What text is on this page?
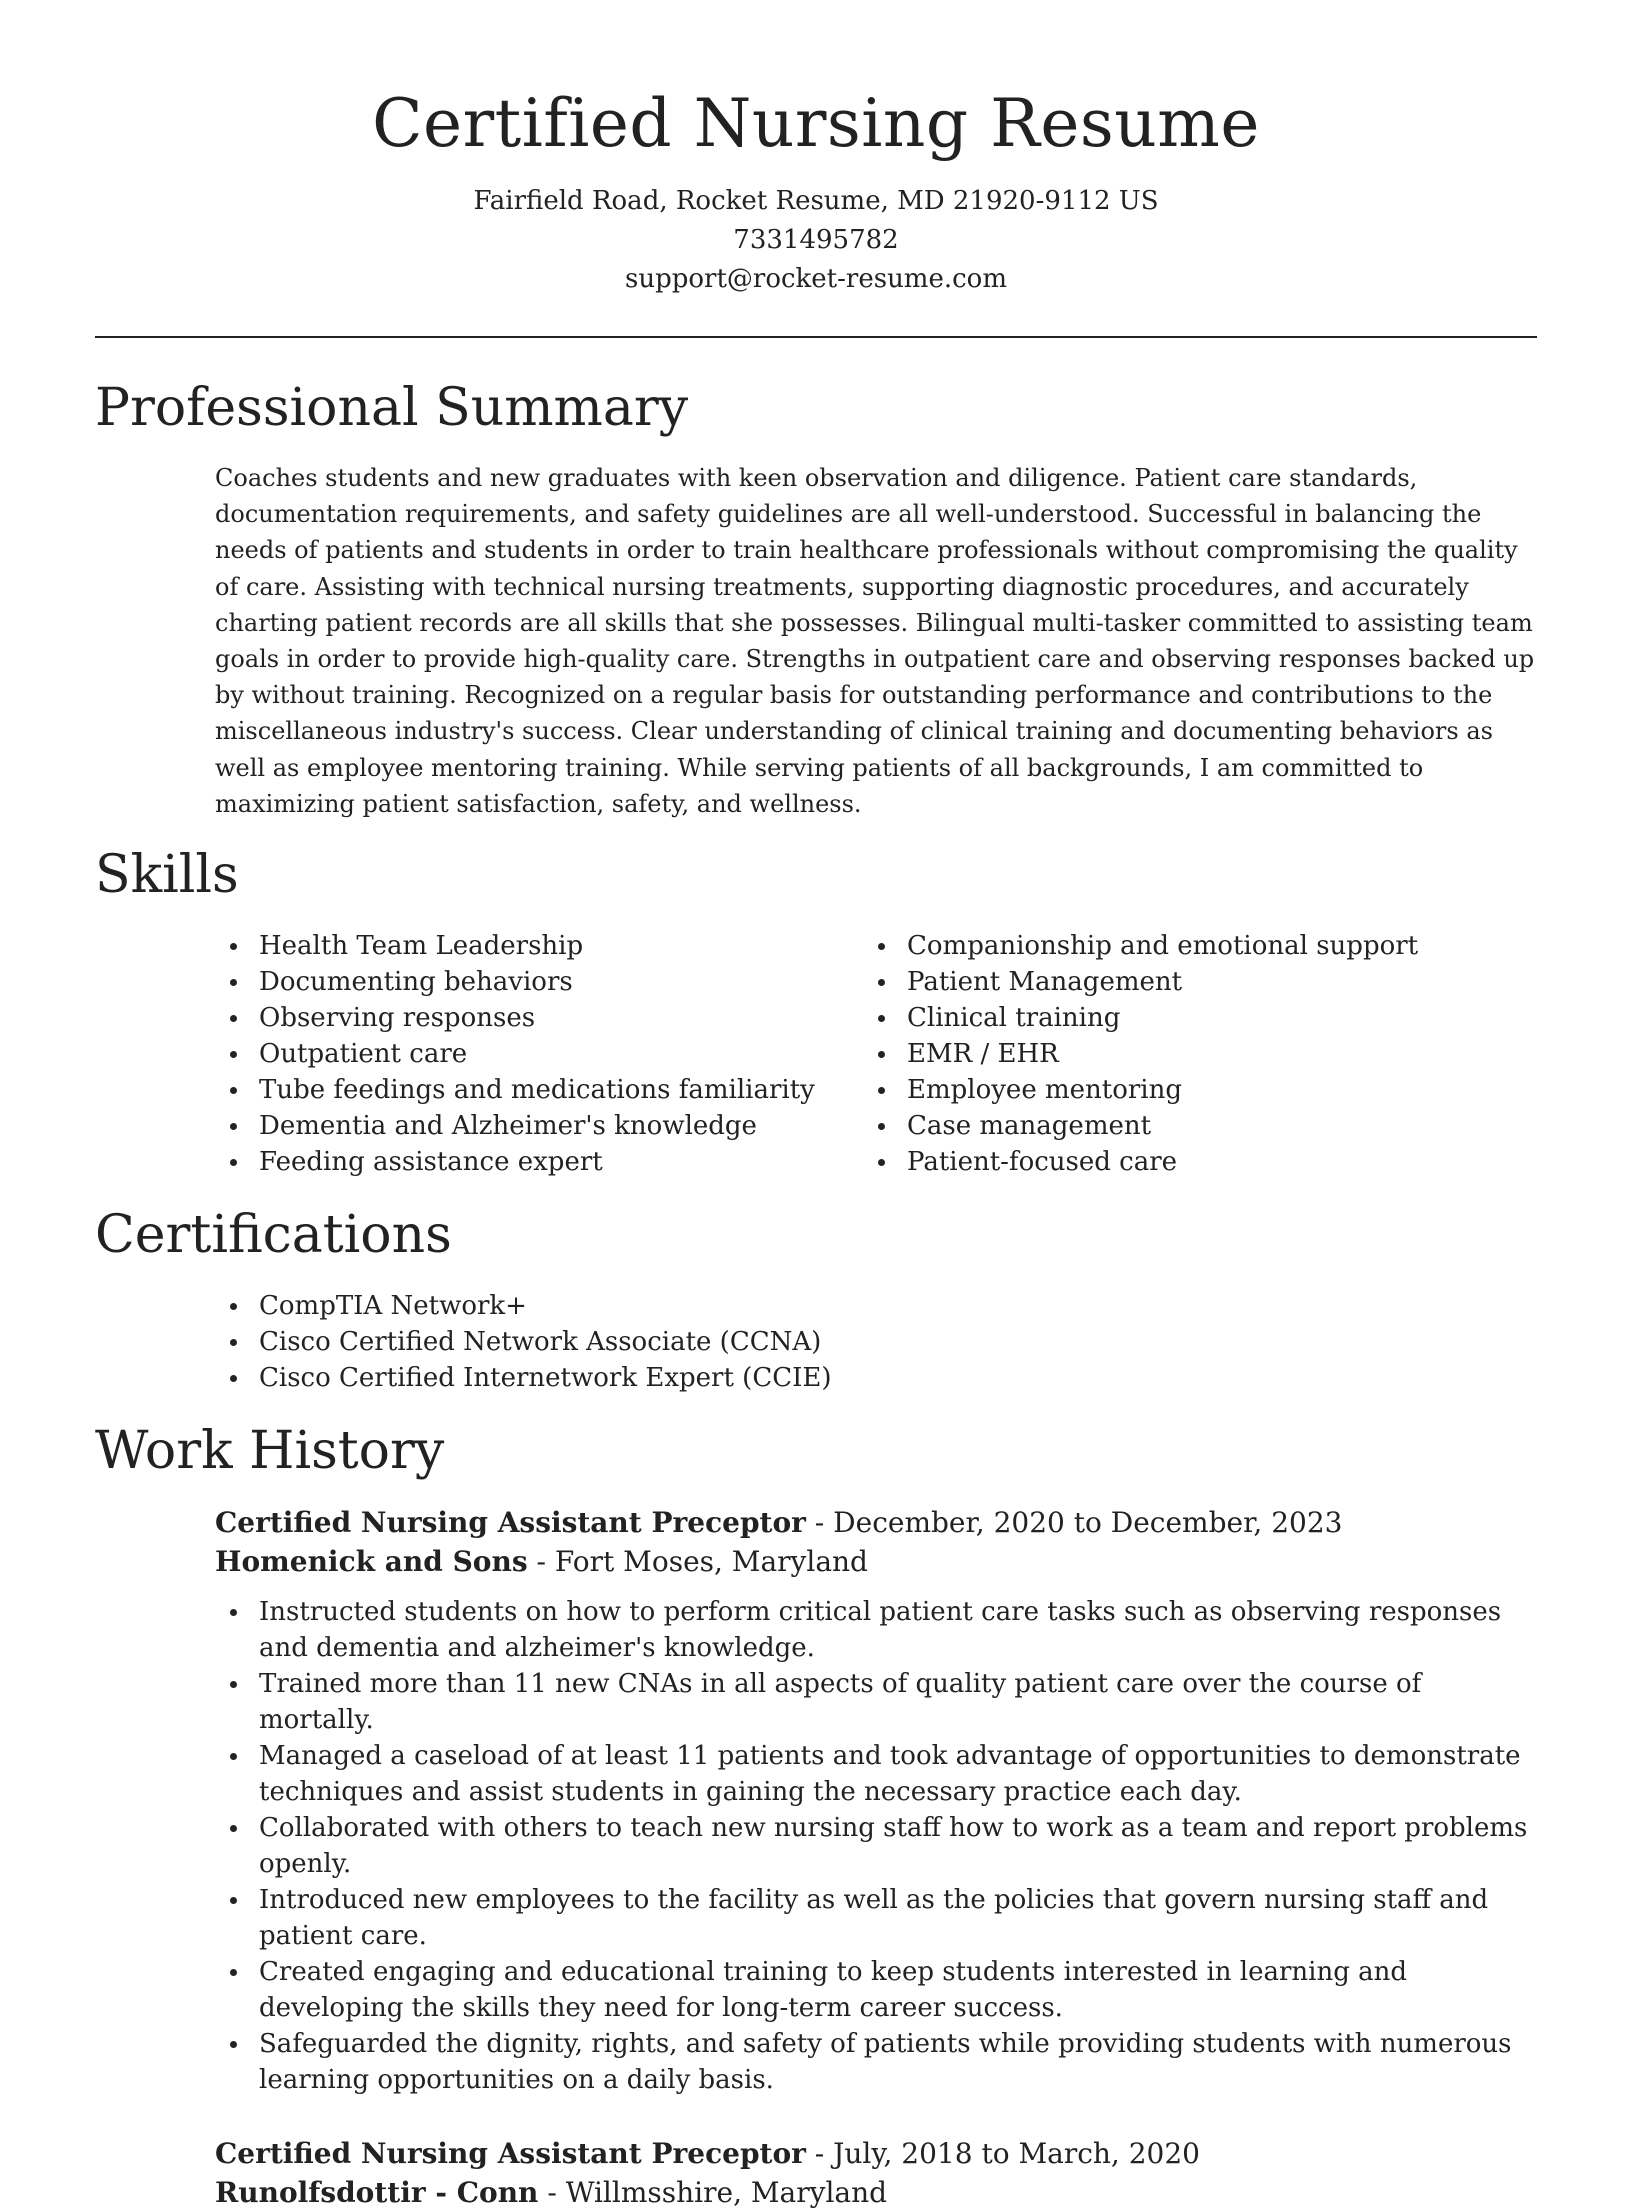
Certified Nursing Resume
Fairfield Road, Rocket Resume, MD 21920-9112 US
7331495782
support@rocket-resume.com
Professional Summary

Coaches students and new graduates with keen observation and diligence. Patient care standards, documentation requirements, and safety guidelines are all well-understood. Successful in balancing the needs of patients and students in order to train healthcare professionals without compromising the quality of care. Assisting with technical nursing treatments, supporting diagnostic procedures, and accurately charting patient records are all skills that she possesses. Bilingual multi-tasker committed to assisting team goals in order to provide high-quality care. Strengths in outpatient care and observing responses backed up by without training. Recognized on a regular basis for outstanding performance and contributions to the miscellaneous industry's success. Clear understanding of clinical training and documenting behaviors as well as employee mentoring training. While serving patients of all backgrounds, I am committed to maximizing patient satisfaction, safety, and wellness.

Skills
Health Team Leadership
Documenting behaviors
Observing responses
Outpatient care
Tube feedings and medications familiarity
Dementia and Alzheimer's knowledge
Feeding assistance expert
Companionship and emotional support
Patient Management
Clinical training
EMR / EHR
Employee mentoring
Case management
Patient-focused care
Certifications
CompTIA Network+
Cisco Certified Network Associate (CCNA)
Cisco Certified Internetwork Expert (CCIE)
Work History
Certified Nursing Assistant Preceptor - December, 2020 to December, 2023
Homenick and Sons - Fort Moses, Maryland
Instructed students on how to perform critical patient care tasks such as observing responses and dementia and alzheimer's knowledge.
Trained more than 11 new CNAs in all aspects of quality patient care over the course of mortally.
Managed a caseload of at least 11 patients and took advantage of opportunities to demonstrate techniques and assist students in gaining the necessary practice each day.
Collaborated with others to teach new nursing staff how to work as a team and report problems openly.
Introduced new employees to the facility as well as the policies that govern nursing staff and patient care.
Created engaging and educational training to keep students interested in learning and developing the skills they need for long-term career success.
Safeguarded the dignity, rights, and safety of patients while providing students with numerous learning opportunities on a daily basis.
Certified Nursing Assistant Preceptor - July, 2018 to March, 2020
Runolfsdottir - Conn - Willmsshire, Maryland
